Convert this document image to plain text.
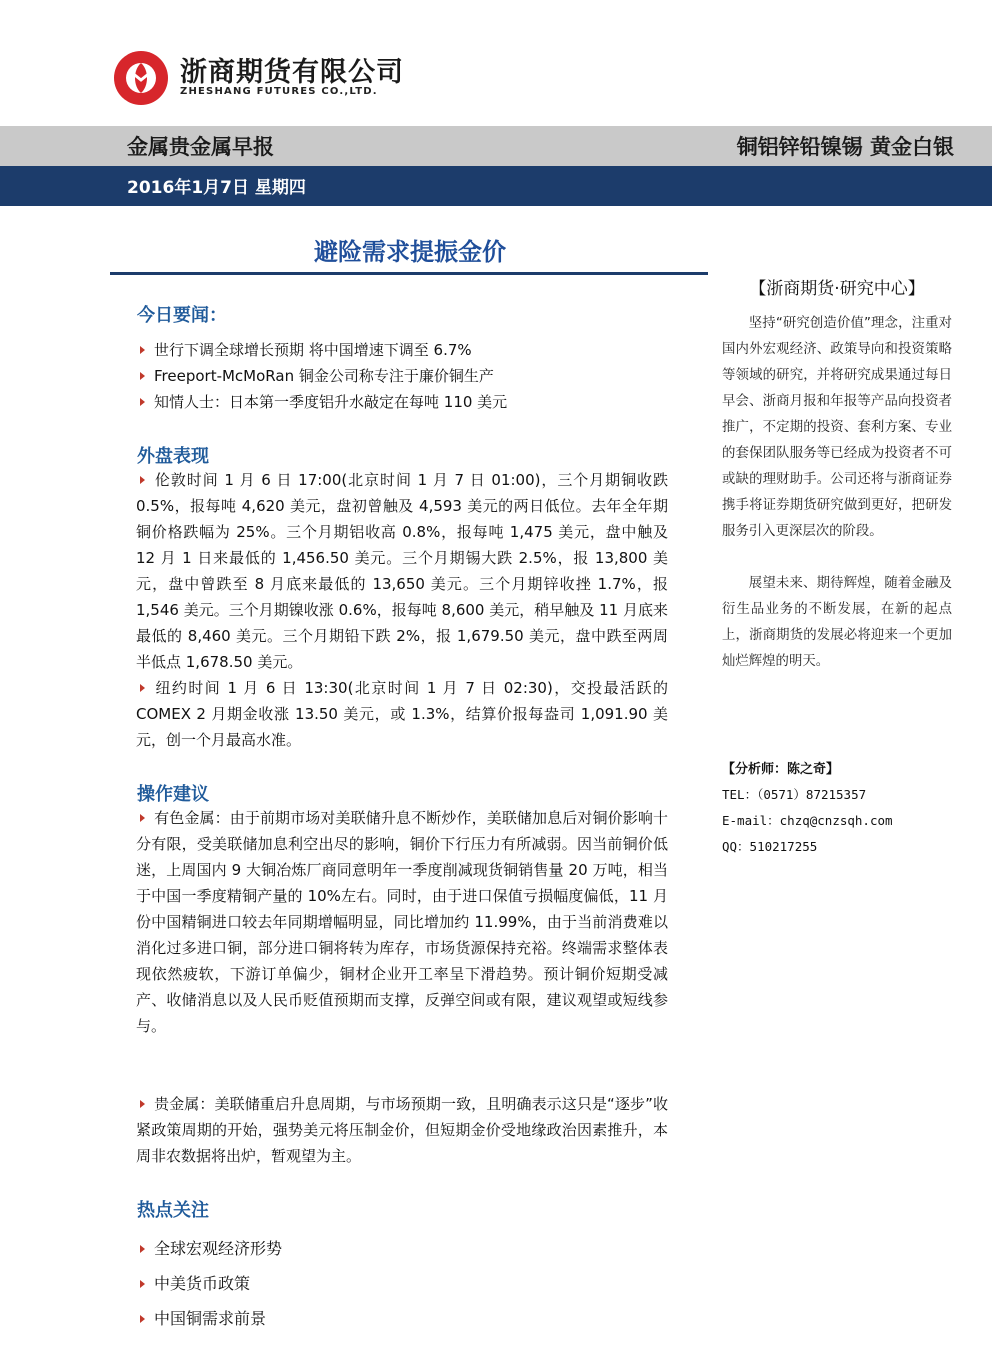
浙商期货有限公司
ZHESHANG FUTURES CO.,LTD.
金属贵金属早报	铜铝锌铅镍锡 黄金白银
2016年1月7日 星期四
避险需求提振金价
今日要闻：
世行下调全球增长预期 将中国增速下调至 6.7%
Freeport-McMoRan 铜金公司称专注于廉价铜生产
知情人士：日本第一季度铝升水敲定在每吨 110 美元
外盘表现
伦敦时间 1 月 6 日 17:00(北京时间 1 月 7 日 01:00)，三个月期铜收跌 0.5%，报每吨 4,620 美元，盘初曾触及 4,593 美元的两日低位。去年全年期铜价格跌幅为 25%。三个月期铝收高 0.8%，报每吨 1,475 美元，盘中触及 12 月 1 日来最低的 1,456.50 美元。三个月期锡大跌 2.5%，报 13,800 美元，盘中曾跌至 8 月底来最低的 13,650 美元。三个月期锌收挫 1.7%，报 1,546 美元。三个月期镍收涨 0.6%，报每吨 8,600 美元，稍早触及 11 月底来最低的 8,460 美元。三个月期铅下跌 2%，报 1,679.50 美元，盘中跌至两周半低点 1,678.50 美元。
纽约时间 1 月 6 日 13:30(北京时间 1 月 7 日 02:30)，交投最活跃的 COMEX 2 月期金收涨 13.50 美元，或 1.3%，结算价报每盎司 1,091.90 美元，创一个月最高水准。
操作建议
有色金属：由于前期市场对美联储升息不断炒作，美联储加息后对铜价影响十分有限，受美联储加息利空出尽的影响，铜价下行压力有所减弱。因当前铜价低迷，上周国内 9 大铜冶炼厂商同意明年一季度削减现货铜销售量 20 万吨，相当于中国一季度精铜产量的 10%左右。同时，由于进口保值亏损幅度偏低，11 月份中国精铜进口较去年同期增幅明显，同比增加约 11.99%，由于当前消费难以消化过多进口铜，部分进口铜将转为库存，市场货源保持充裕。终端需求整体表现依然疲软，下游订单偏少，铜材企业开工率呈下滑趋势。预计铜价短期受减产、收储消息以及人民币贬值预期而支撑，反弹空间或有限，建议观望或短线参与。
贵金属：美联储重启升息周期，与市场预期一致，且明确表示这只是“逐步”收紧政策周期的开始，强势美元将压制金价，但短期金价受地缘政治因素推升，本周非农数据将出炉，暂观望为主。
热点关注
全球宏观经济形势
中美货币政策
中国铜需求前景
【浙商期货·研究中心】
坚持“研究创造价值”理念，注重对国内外宏观经济、政策导向和投资策略等领域的研究，并将研究成果通过每日早会、浙商月报和年报等产品向投资者推广，不定期的投资、套利方案、专业的套保团队服务等已经成为投资者不可或缺的理财助手。公司还将与浙商证券携手将证券期货研究做到更好，把研发服务引入更深层次的阶段。
展望未来、期待辉煌，随着金融及衍生品业务的不断发展，在新的起点上，浙商期货的发展必将迎来一个更加灿烂辉煌的明天。
【分析师：陈之奇】
TEL：（0571）87215357
E-mail：chzq@cnzsqh.com
QQ：510217255
